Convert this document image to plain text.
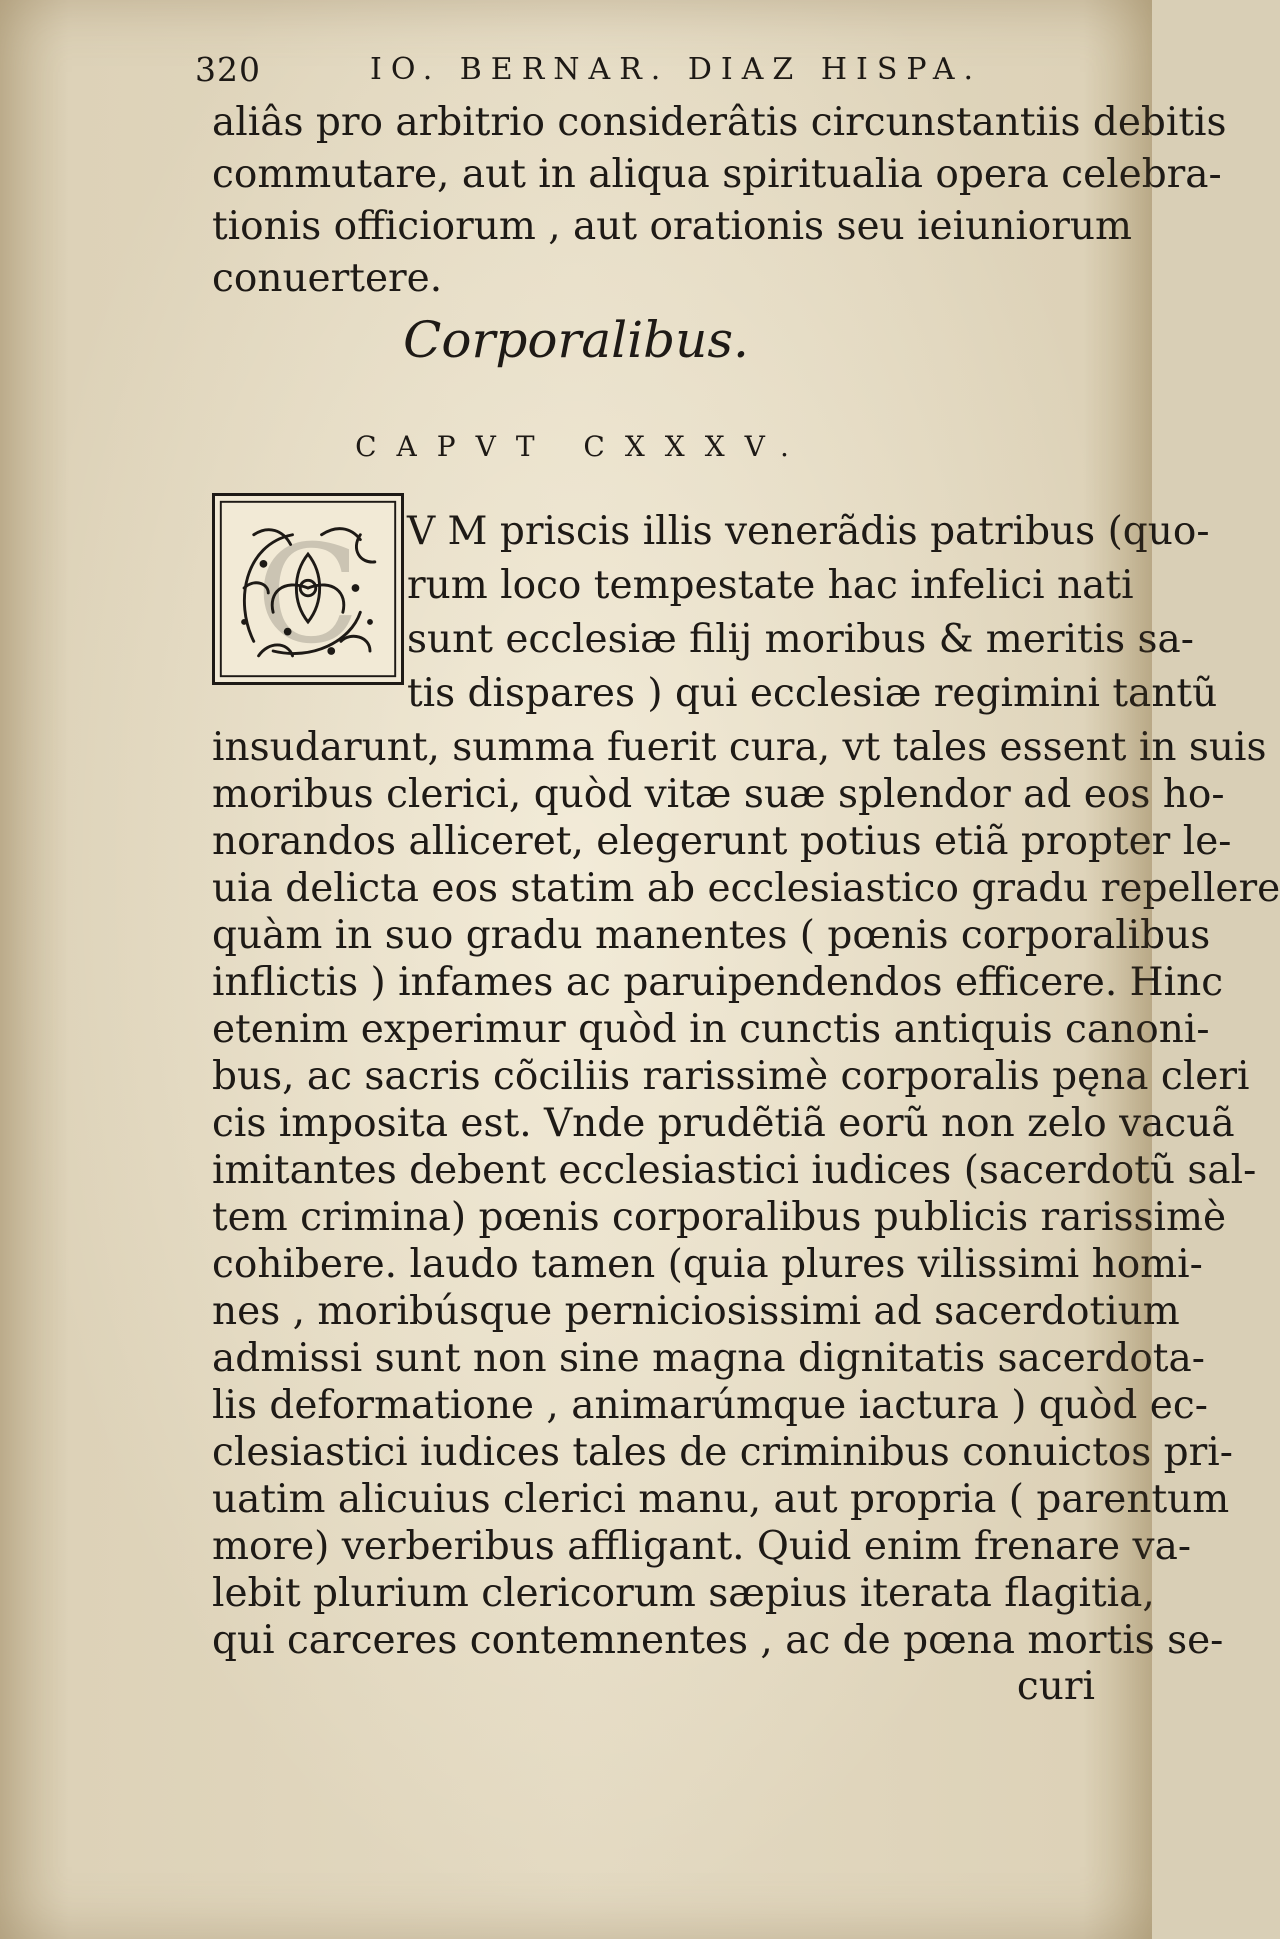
320	IO. BERNAR. DIAZ HISPA.
aliâs pro arbitrio considerâtis circunstantiis debitis
commutare, aut in aliqua spiritualia opera celebra-
tionis officiorum , aut orationis seu ieiuniorum
conuertere.
Corporalibus.
CAPVT CXXXV.
C V M priscis illis venerãdis patribus (quo-
rum loco tempestate hac infelici nati
sunt ecclesiæ filij moribus & meritis sa-
tis dispares ) qui ecclesiæ regimini tantũ
insudarunt, summa fuerit cura, vt tales essent in suis
moribus clerici, quòd vitæ suæ splendor ad eos ho-
norandos alliceret, elegerunt potius etiã propter le-
uia delicta eos statim ab ecclesiastico gradu repellere
quàm in suo gradu manentes ( pœnis corporalibus
inflictis ) infames ac paruipendendos efficere. Hinc
etenim experimur quòd in cunctis antiquis canoni-
bus, ac sacris cõciliis rarissimè corporalis pęna cleri
cis imposita est. Vnde prudẽtiã eorũ non zelo vacuã
imitantes debent ecclesiastici iudices (sacerdotũ sal-
tem crimina) pœnis corporalibus publicis rarissimè
cohibere. laudo tamen (quia plures vilissimi homi-
nes , moribúsque perniciosissimi ad sacerdotium
admissi sunt non sine magna dignitatis sacerdota-
lis deformatione , animarúmque iactura ) quòd ec-
clesiastici iudices tales de criminibus conuictos pri-
uatim alicuius clerici manu, aut propria ( parentum
more) verberibus affligant. Quid enim frenare va-
lebit plurium clericorum sæpius iterata flagitia,
qui carceres contemnentes , ac de pœna mortis se-
curi
